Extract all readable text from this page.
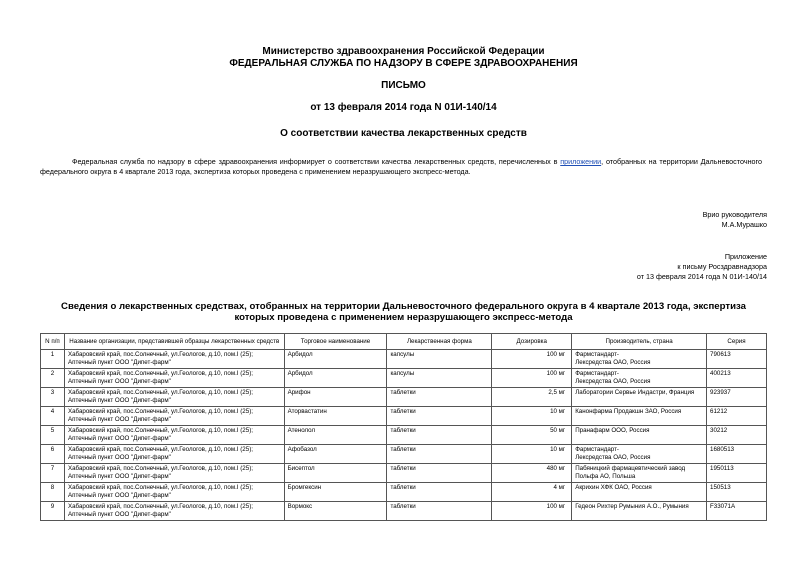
Министерство здравоохранения Российской Федерации
ФЕДЕРАЛЬНАЯ СЛУЖБА ПО НАДЗОРУ В СФЕРЕ ЗДРАВООХРАНЕНИЯ
ПИСЬМО
от 13 февраля 2014 года N 01И-140/14
О соответствии качества лекарственных средств
Федеральная служба по надзору в сфере здравоохранения информирует о соответствии качества лекарственных средств, перечисленных в приложении, отобранных на территории Дальневосточного федерального округа в 4 квартале 2013 года, экспертиза которых проведена с применением неразрушающего экспресс-метода.
Врио руководителя
М.А.Мурашко
Приложение
к письму Росздравнадзора
от 13 февраля 2014 года N 01И-140/14
Сведения о лекарственных средствах, отобранных на территории Дальневосточного федерального округа в 4 квартале 2013 года, экспертиза которых проведена с применением неразрушающего экспресс-метода
N п/п	Название организации, представившей образцы лекарственных средств	Торговое наименование	Лекарственная форма	Дозировка	Производитель, страна	Серия
1	Хабаровский край, пос.Солнечный, ул.Геологов, д.10, пом.I (25); Аптечный пункт ООО "Дипет-фарм"	Арбидол	капсулы	100 мг	Фармстандарт-
Лексредства ОАО, Россия	790613
2	Хабаровский край, пос.Солнечный, ул.Геологов, д.10, пом.I (25); Аптечный пункт ООО "Дипет-фарм"	Арбидол	капсулы	100 мг	Фармстандарт-
Лексредства ОАО, Россия	400213
3	Хабаровский край, пос.Солнечный, ул.Геологов, д.10, пом.I (25); Аптечный пункт ООО "Дипет-фарм"	Арифон	таблетки	2,5 мг	Лаборатории Сервье Индастри, Франция	923937
4	Хабаровский край, пос.Солнечный, ул.Геологов, д.10, пом.I (25); Аптечный пункт ООО "Дипет-фарм"	Аторвастатин	таблетки	10 мг	Канонфарма Продакшн ЗАО, Россия	61212
5	Хабаровский край, пос.Солнечный, ул.Геологов, д.10, пом.I (25); Аптечный пункт ООО "Дипет-фарм"	Атенолол	таблетки	50 мг	Пранафарм ООО, Россия	30212
6	Хабаровский край, пос.Солнечный, ул.Геологов, д.10, пом.I (25); Аптечный пункт ООО "Дипет-фарм"	Афобазол	таблетки	10 мг	Фармстандарт-
Лексредства ОАО, Россия	1680513
7	Хабаровский край, пос.Солнечный, ул.Геологов, д.10, пом.I (25); Аптечный пункт ООО "Дипет-фарм"	Бисептол	таблетки	480 мг	Пабяницкий фармацевтический завод Польфа АО, Польша	1950113
8	Хабаровский край, пос.Солнечный, ул.Геологов, д.10, пом.I (25); Аптечный пункт ООО "Дипет-фарм"	Бромгексин	таблетки	4 мг	Акрихин ХФК ОАО, Россия	150513
9	Хабаровский край, пос.Солнечный, ул.Геологов, д.10, пом.I (25); Аптечный пункт ООО "Дипет-фарм"	Вормокс	таблетки	100 мг	Гедеон Рихтер Румыния А.О., Румыния	F33071A
